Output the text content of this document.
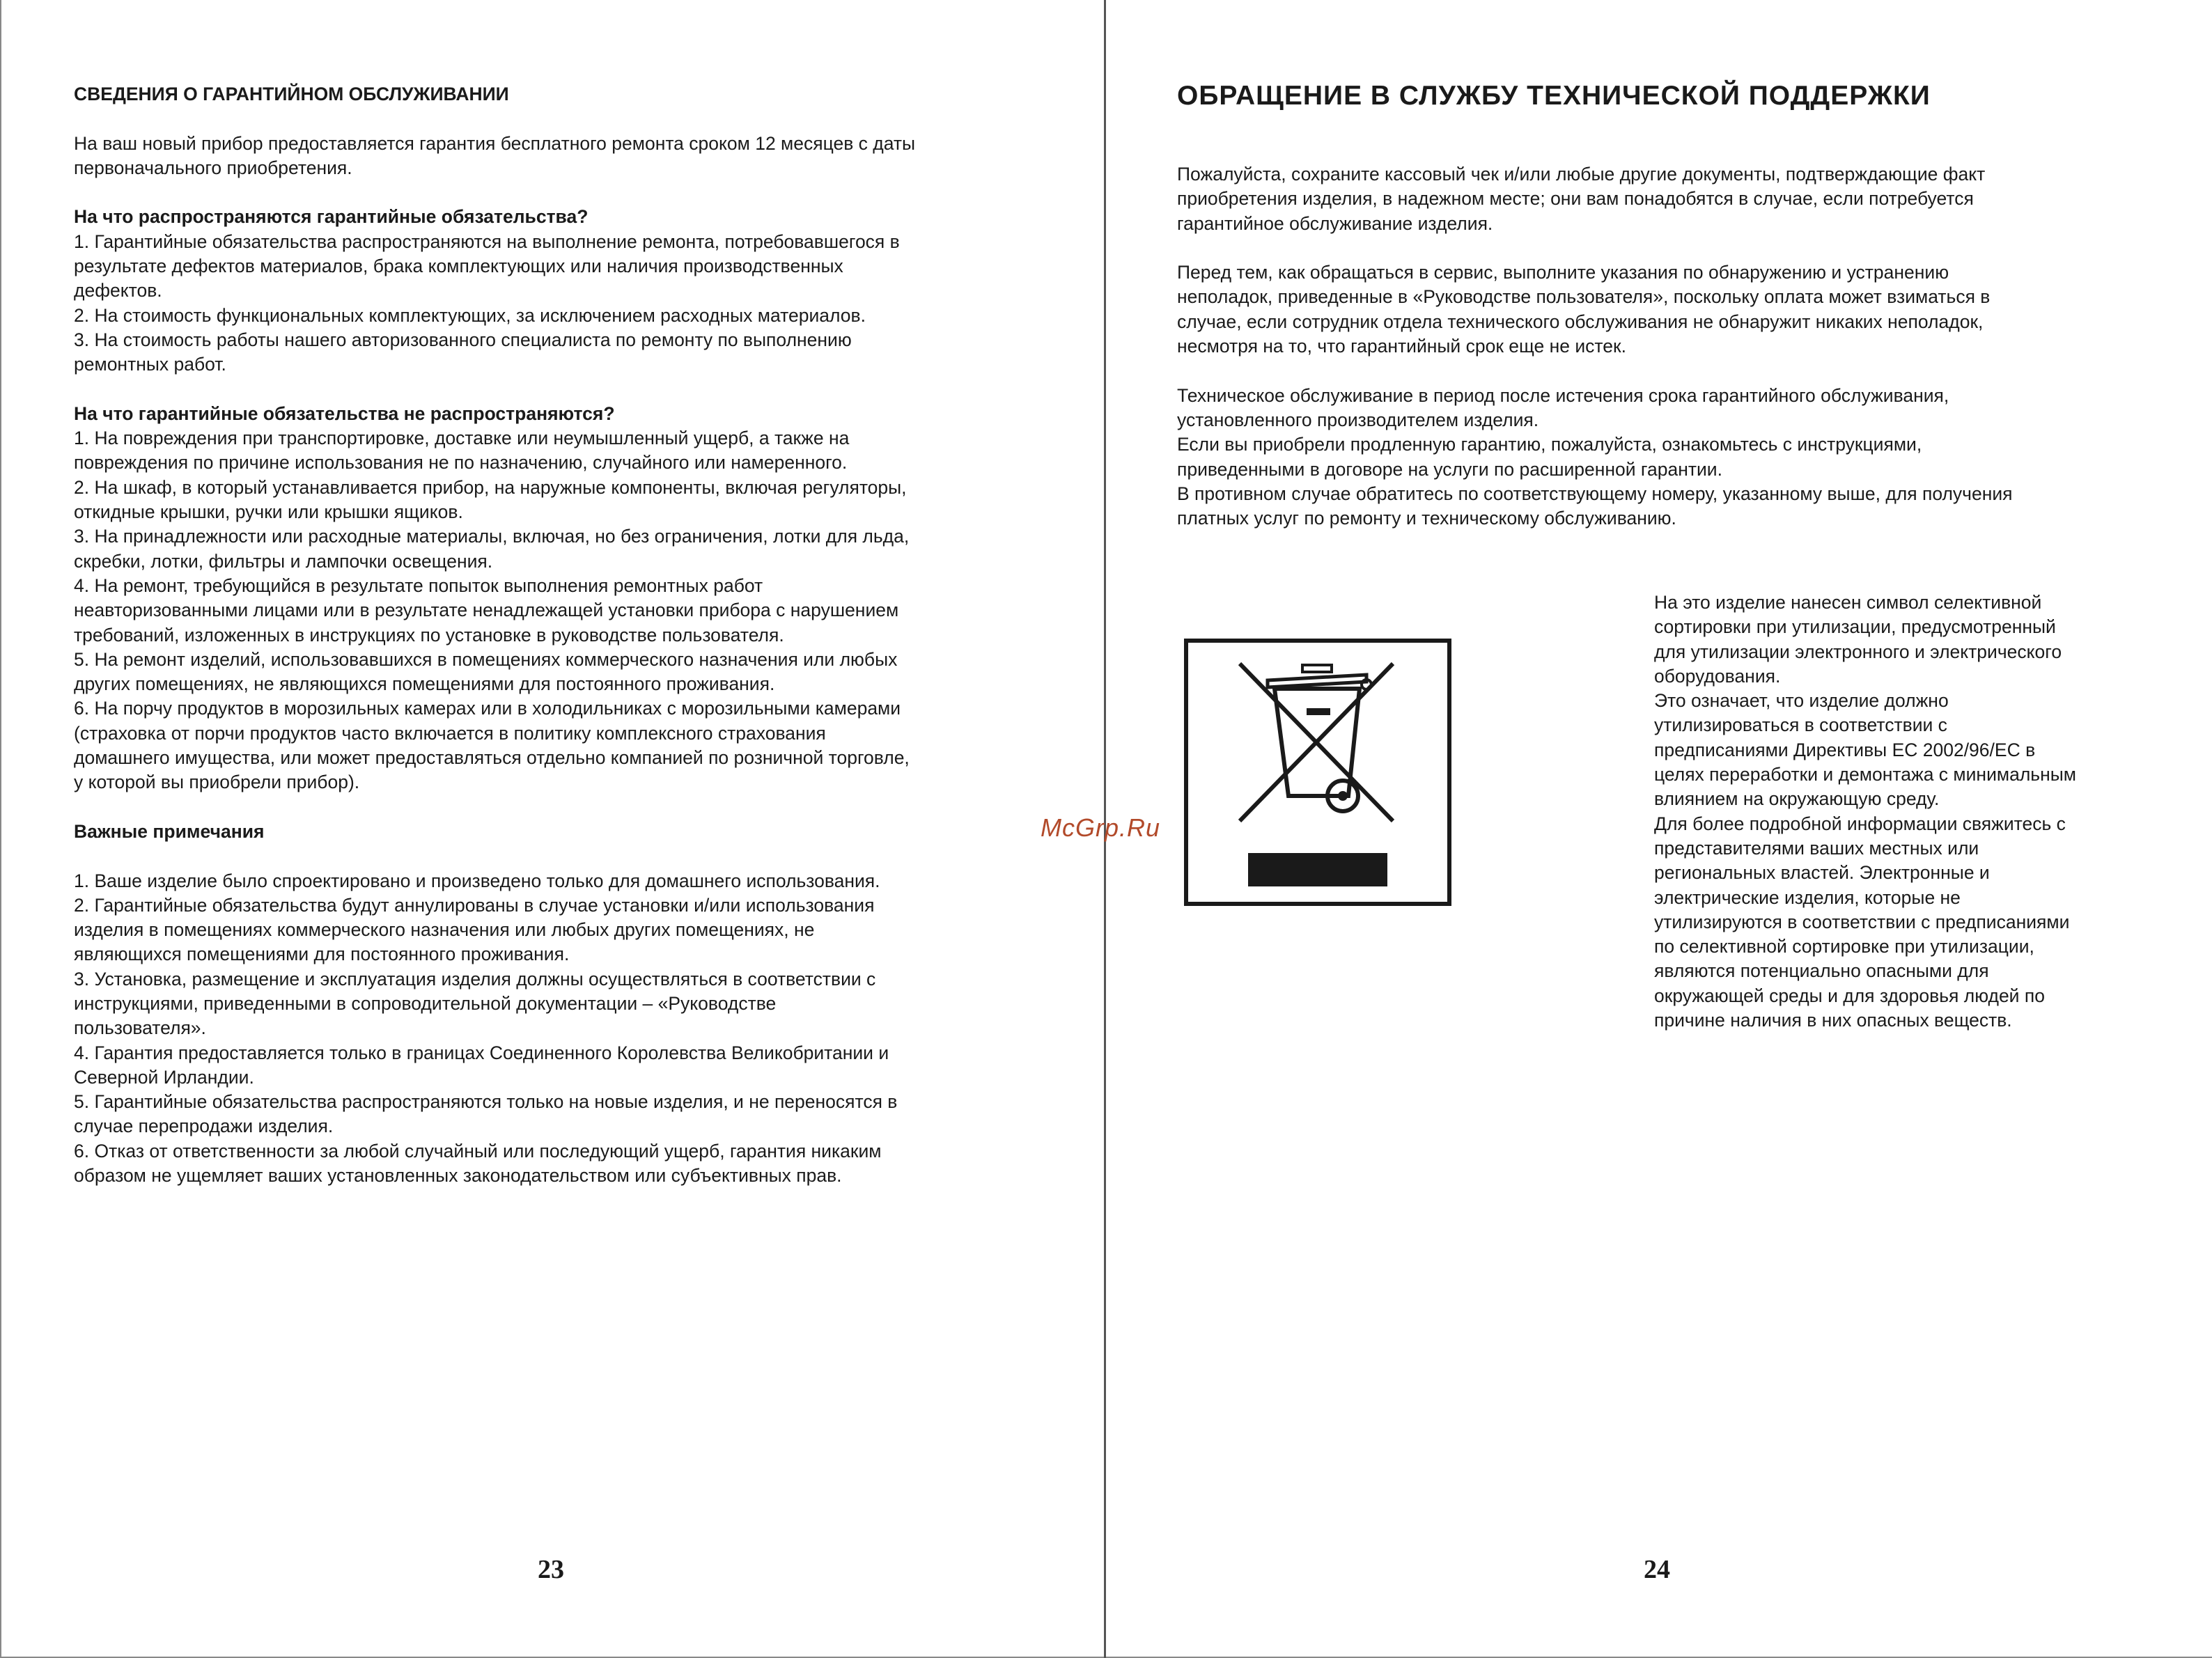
СВЕДЕНИЯ О ГАРАНТИЙНОМ ОБСЛУЖИВАНИИ

На ваш новый прибор предоставляется гарантия бесплатного ремонта сроком 12 месяцев с даты

первоначального приобретения.

На что распространяются гарантийные обязательства?

1. Гарантийные обязательства распространяются на выполнение ремонта, потребовавшегося в

результате дефектов материалов, брака комплектующих или наличия производственных

дефектов.

2. На стоимость функциональных комплектующих, за исключением расходных материалов.

3. На стоимость работы нашего авторизованного специалиста по ремонту по выполнению

ремонтных работ.

На что гарантийные обязательства не распространяются?

1. На повреждения при транспортировке, доставке или неумышленный ущерб, а также на

повреждения по причине использования не по назначению, случайного или намеренного.

2. На шкаф, в который устанавливается прибор, на наружные компоненты, включая регуляторы,

откидные крышки, ручки или крышки ящиков.

3. На принадлежности или расходные материалы, включая, но без ограничения, лотки для льда,

скребки, лотки, фильтры и лампочки освещения.

4. На ремонт, требующийся в результате попыток выполнения ремонтных работ

неавторизованными лицами или в результате ненадлежащей установки прибора с нарушением

требований, изложенных в инструкциях по установке в руководстве пользователя.

5. На ремонт изделий, использовавшихся в помещениях коммерческого назначения или любых

других помещениях, не являющихся помещениями для постоянного проживания.

6. На порчу продуктов в морозильных камерах или в холодильниках с морозильными камерами

(страховка от порчи продуктов часто включается в политику комплексного страхования

домашнего имущества, или может предоставляться отдельно компанией по розничной торговле,

у которой вы приобрели прибор).

Важные примечания

1. Ваше изделие было спроектировано и произведено только для домашнего использования.

2. Гарантийные обязательства будут аннулированы в случае установки и/или использования

изделия в помещениях коммерческого назначения или любых других помещениях, не

являющихся помещениями для постоянного проживания.

3. Установка, размещение и эксплуатация изделия должны осуществляться в соответствии с

инструкциями, приведенными в сопроводительной документации – «Руководстве

пользователя».

4. Гарантия предоставляется только в границах Соединенного Королевства Великобритании и

Северной Ирландии.

5. Гарантийные обязательства распространяются только на новые изделия, и не переносятся в

случае перепродажи изделия.

6. Отказ от ответственности за любой случайный или последующий ущерб, гарантия никаким

образом не ущемляет ваших установленных законодательством или субъективных прав.

23
ОБРАЩЕНИЕ В СЛУЖБУ ТЕХНИЧЕСКОЙ ПОДДЕРЖКИ

Пожалуйста, сохраните кассовый чек и/или любые другие документы, подтверждающие факт

приобретения изделия, в надежном месте; они вам понадобятся в случае, если потребуется

гарантийное обслуживание изделия.

Перед тем, как обращаться в сервис, выполните указания по обнаружению и устранению

неполадок, приведенные в «Руководстве пользователя», поскольку оплата может взиматься в

случае, если сотрудник отдела технического обслуживания не обнаружит никаких неполадок,

несмотря на то, что гарантийный срок еще не истек.

Техническое обслуживание в период после истечения срока гарантийного обслуживания,

установленного производителем изделия.

Если вы приобрели продленную гарантию, пожалуйста, ознакомьтесь с инструкциями,

приведенными в договоре на услуги по расширенной гарантии.

В противном случае обратитесь по соответствующему номеру, указанному выше, для получения

платных услуг по ремонту и техническому обслуживанию.

На это изделие нанесен символ селективной

сортировки при утилизации, предусмотренный

для утилизации электронного и электрического

оборудования.

Это означает, что изделие должно

утилизироваться в соответствии с

предписаниями Директивы ЕС 2002/96/ЕС в

целях переработки и демонтажа с минимальным

влиянием на окружающую среду.

Для более подробной информации свяжитесь с

представителями ваших местных или

региональных властей. Электронные и

электрические изделия, которые не

утилизируются в соответствии с предписаниями

по селективной сортировке при утилизации,

являются потенциально опасными для

окружающей среды и для здоровья людей по

причине наличия в них опасных веществ.

24
McGrp.Ru
